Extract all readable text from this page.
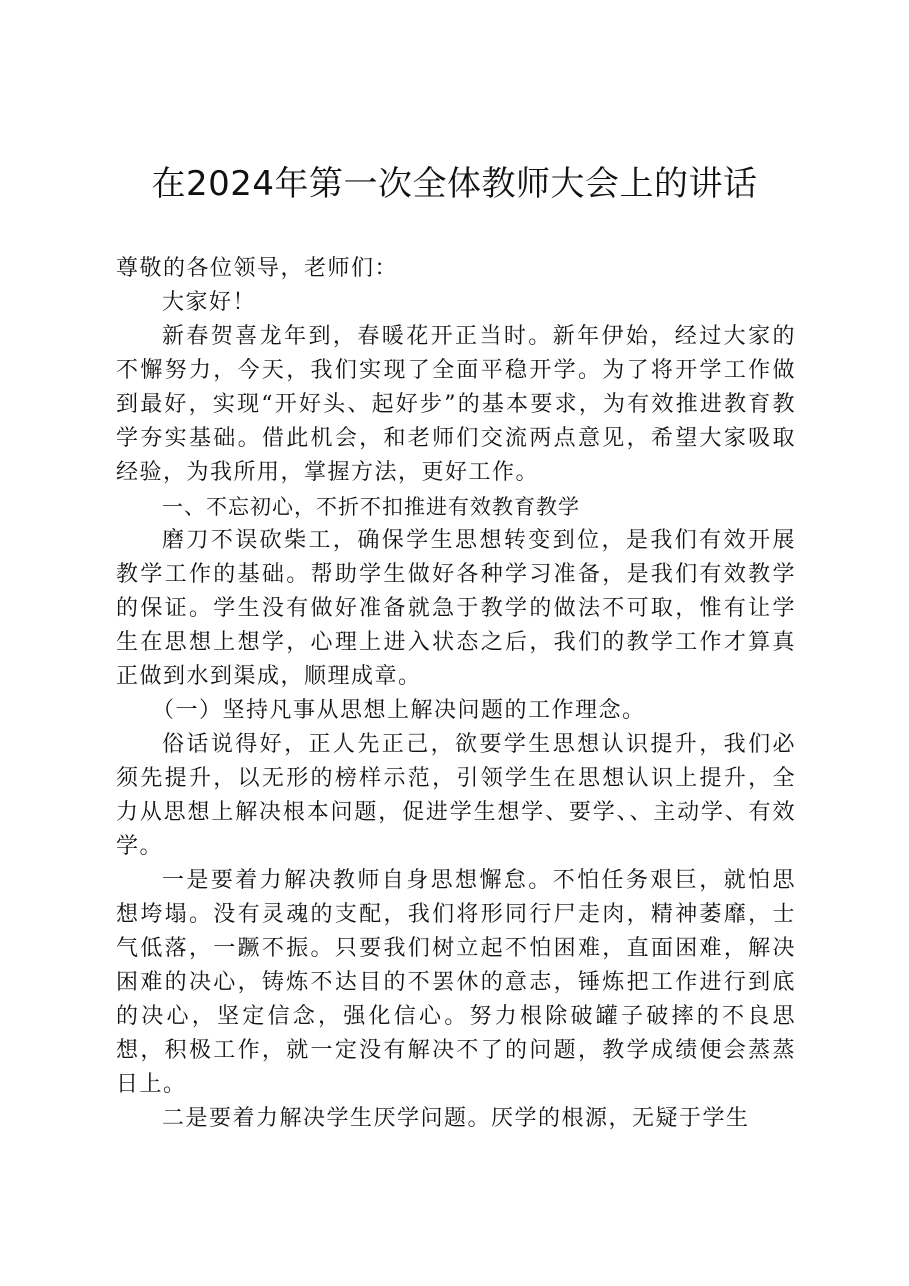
在2024年第一次全体教师大会上的讲话

尊敬的各位领导，老师们：

大家好！

新春贺喜龙年到，春暖花开正当时。新年伊始，经过大家的不懈努力，今天，我们实现了全面平稳开学。为了将开学工作做到最好，实现“开好头、起好步”的基本要求，为有效推进教育教学夯实基础。借此机会，和老师们交流两点意见，希望大家吸取经验，为我所用，掌握方法，更好工作。

一、不忘初心，不折不扣推进有效教育教学

磨刀不误砍柴工，确保学生思想转变到位，是我们有效开展教学工作的基础。帮助学生做好各种学习准备，是我们有效教学的保证。学生没有做好准备就急于教学的做法不可取，惟有让学生在思想上想学，心理上进入状态之后，我们的教学工作才算真正做到水到渠成，顺理成章。

（一）坚持凡事从思想上解决问题的工作理念。

俗话说得好，正人先正己，欲要学生思想认识提升，我们必须先提升，以无形的榜样示范，引领学生在思想认识上提升，全力从思想上解决根本问题，促进学生想学、要学、、主动学、有效学。

一是要着力解决教师自身思想懈怠。不怕任务艰巨，就怕思想垮塌。没有灵魂的支配，我们将形同行尸走肉，精神萎靡，士气低落，一蹶不振。只要我们树立起不怕困难，直面困难，解决困难的决心，铸炼不达目的不罢休的意志，锤炼把工作进行到底的决心，坚定信念，强化信心。努力根除破罐子破摔的不良思想，积极工作，就一定没有解决不了的问题，教学成绩便会蒸蒸日上。

二是要着力解决学生厌学问题。厌学的根源，无疑于学生
